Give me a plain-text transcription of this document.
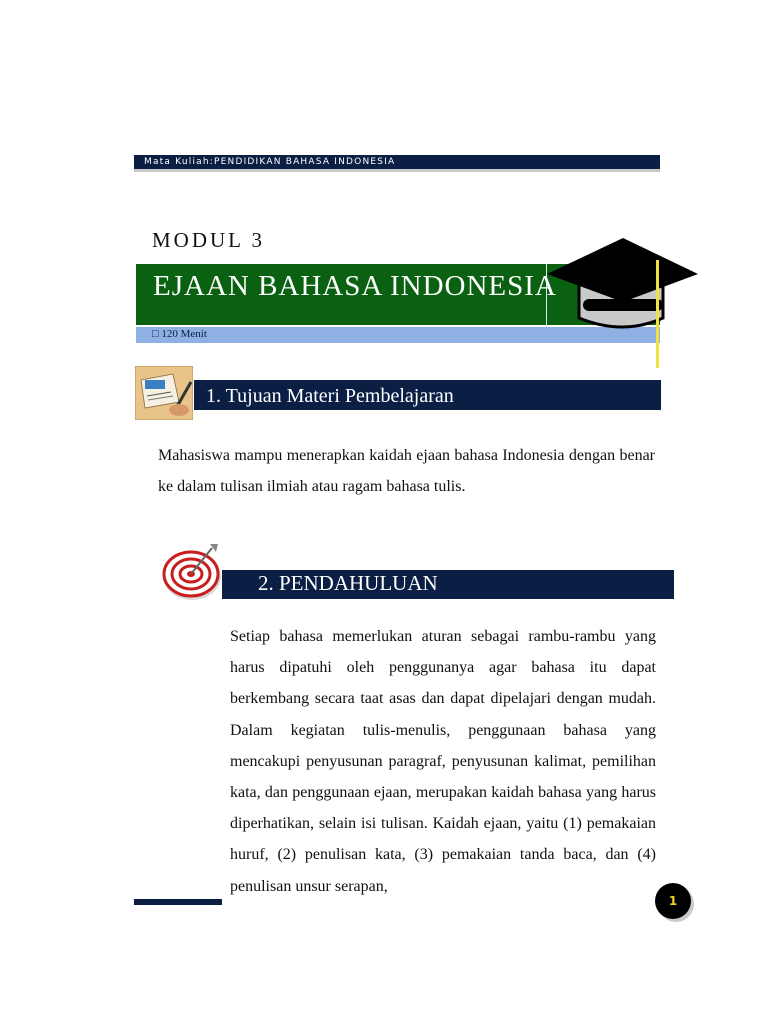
Mata Kuliah:PENDIDIKAN BAHASA INDONESIA
MODUL 3
EJAAN BAHASA INDONESIA
□ 120 Menit
1. Tujuan Materi Pembelajaran
Mahasiswa mampu menerapkan kaidah ejaan bahasa Indonesia dengan benar ke dalam tulisan ilmiah atau ragam bahasa tulis.
2. PENDAHULUAN
Setiap bahasa memerlukan aturan sebagai rambu-rambu yang harus dipatuhi oleh penggunanya agar bahasa itu dapat berkembang secara taat asas dan dapat dipelajari dengan mudah. Dalam kegiatan tulis-menulis, penggunaan bahasa yang mencakupi penyusunan paragraf, penyusunan kalimat, pemilihan kata, dan penggunaan ejaan, merupakan kaidah bahasa yang harus diperhatikan, selain isi tulisan. Kaidah ejaan, yaitu (1) pemakaian huruf, (2) penulisan kata, (3) pemakaian tanda baca, dan (4) penulisan unsur serapan,
1
